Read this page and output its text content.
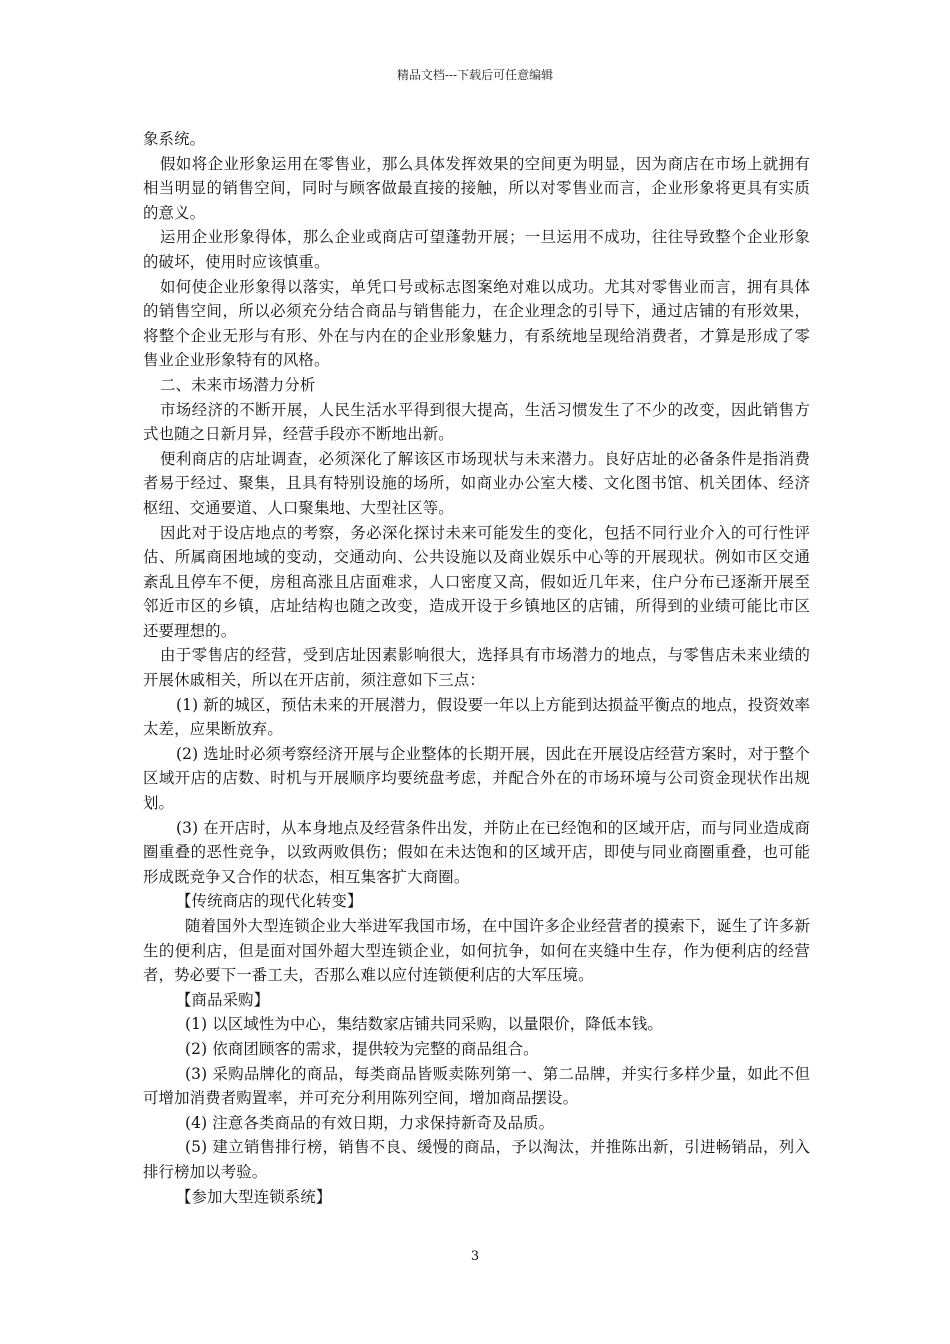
精品文档---下载后可任意编辑

象系统。

假如将企业形象运用在零售业，那么具体发挥效果的空间更为明显，因为商店在市场上就拥有相当明显的销售空间，同时与顾客做最直接的接触，所以对零售业而言，企业形象将更具有实质的意义。

运用企业形象得体，那么企业或商店可望蓬勃开展；一旦运用不成功，往往导致整个企业形象的破坏，使用时应该慎重。

如何使企业形象得以落实，单凭口号或标志图案绝对难以成功。尤其对零售业而言，拥有具体的销售空间，所以必须充分结合商品与销售能力，在企业理念的引导下，通过店铺的有形效果，将整个企业无形与有形、外在与内在的企业形象魅力，有系统地呈现给消费者，才算是形成了零售业企业形象特有的风格。

二、未来市场潜力分析

市场经济的不断开展，人民生活水平得到很大提高，生活习惯发生了不少的改变，因此销售方式也随之日新月异，经营手段亦不断地出新。

便利商店的店址调查，必须深化了解该区市场现状与未来潜力。良好店址的必备条件是指消费者易于经过、聚集，且具有特别设施的场所，如商业办公室大楼、文化图书馆、机关团体、经济枢纽、交通要道、人口聚集地、大型社区等。

因此对于设店地点的考察，务必深化探讨未来可能发生的变化，包括不同行业介入的可行性评估、所属商困地域的变动，交通动向、公共设施以及商业娱乐中心等的开展现状。例如市区交通紊乱且停车不便，房租高涨且店面难求，人口密度又高，假如近几年来，住户分布已逐渐开展至邻近市区的乡镇，店址结构也随之改变，造成开设于乡镇地区的店铺，所得到的业绩可能比市区还要理想的。

由于零售店的经营，受到店址因素影响很大，选择具有市场潜力的地点，与零售店未来业绩的开展休戚相关，所以在开店前，须注意如下三点：

(1) 新的城区，预估未来的开展潜力，假设要一年以上方能到达损益平衡点的地点，投资效率太差，应果断放弃。

(2) 选址时必须考察经济开展与企业整体的长期开展，因此在开展设店经营方案时，对于整个区域开店的店数、时机与开展顺序均要统盘考虑，并配合外在的市场环境与公司资金现状作出规划。

(3) 在开店时，从本身地点及经营条件出发，并防止在已经饱和的区域开店，而与同业造成商圈重叠的恶性竞争，以致两败俱伤；假如在未达饱和的区域开店，即使与同业商圈重叠，也可能形成既竞争又合作的状态，相互集客扩大商圈。

【传统商店的现代化转变】

随着国外大型连锁企业大举进军我国市场，在中国许多企业经营者的摸索下，诞生了许多新生的便利店，但是面对国外超大型连锁企业，如何抗争，如何在夹缝中生存，作为便利店的经营者，势必要下一番工夫，否那么难以应付连锁便利店的大军压境。

【商品采购】

(1) 以区域性为中心，集结数家店铺共同采购，以量限价，降低本钱。

(2) 依商团顾客的需求，提供较为完整的商品组合。

(3) 采购品牌化的商品，每类商品皆贩卖陈列第一、第二品牌，并实行多样少量，如此不但可增加消费者购置率，并可充分利用陈列空间，增加商品摆设。

(4) 注意各类商品的有效日期，力求保持新奇及品质。

(5) 建立销售排行榜，销售不良、缓慢的商品，予以淘汰，并推陈出新，引进畅销品，列入排行榜加以考验。

【参加大型连锁系统】

3
